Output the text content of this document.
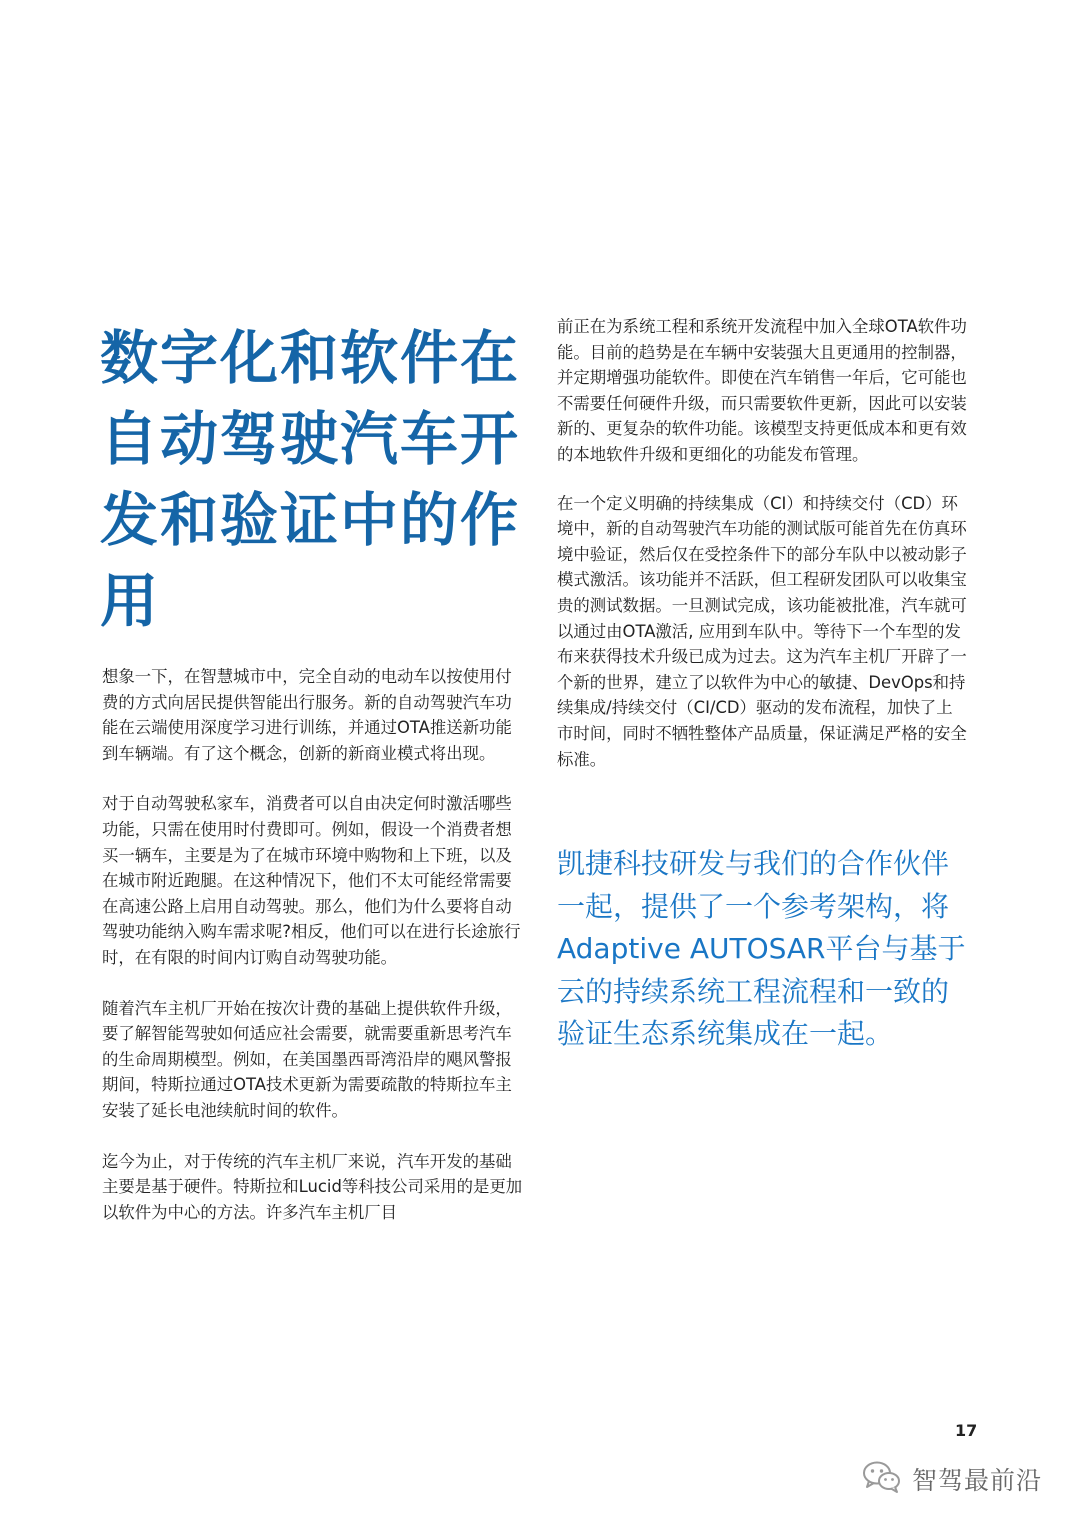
数字化和软件在自动驾驶汽车开发和验证中的作用

想象一下，在智慧城市中，完全自动的电动车以按使用付费的方式向居民提供智能出行服务。新的自动驾驶汽车功能在云端使用深度学习进行训练，并通过OTA推送新功能到车辆端。有了这个概念，创新的新商业模式将出现。

对于自动驾驶私家车，消费者可以自由决定何时激活哪些功能，只需在使用时付费即可。例如，假设一个消费者想买一辆车，主要是为了在城市环境中购物和上下班，以及在城市附近跑腿。在这种情况下，他们不太可能经常需要在高速公路上启用自动驾驶。那么，他们为什么要将自动驾驶功能纳入购车需求呢?相反，他们可以在进行长途旅行时，在有限的时间内订购自动驾驶功能。

随着汽车主机厂开始在按次计费的基础上提供软件升级，要了解智能驾驶如何适应社会需要，就需要重新思考汽车的生命周期模型。例如，在美国墨西哥湾沿岸的飓风警报期间，特斯拉通过OTA技术更新为需要疏散的特斯拉车主安装了延长电池续航时间的软件。

迄今为止，对于传统的汽车主机厂来说，汽车开发的基础主要是基于硬件。特斯拉和Lucid等科技公司采用的是更加以软件为中心的方法。许多汽车主机厂目

前正在为系统工程和系统开发流程中加入全球OTA软件功能。目前的趋势是在车辆中安装强大且更通用的控制器，并定期增强功能软件。即使在汽车销售一年后，它可能也不需要任何硬件升级，而只需要软件更新，因此可以安装新的、更复杂的软件功能。该模型支持更低成本和更有效的本地软件升级和更细化的功能发布管理。

在一个定义明确的持续集成（CI）和持续交付（CD）环境中，新的自动驾驶汽车功能的测试版可能首先在仿真环境中验证，然后仅在受控条件下的部分车队中以被动影子模式激活。该功能并不活跃，但工程研发团队可以收集宝贵的测试数据。一旦测试完成，该功能被批准，汽车就可以通过由OTA激活, 应用到车队中。等待下一个车型的发布来获得技术升级已成为过去。这为汽车主机厂开辟了一个新的世界，建立了以软件为中心的敏捷、DevOps和持续集成/持续交付（CI/CD）驱动的发布流程，加快了上市时间，同时不牺牲整体产品质量，保证满足严格的安全标准。

凯捷科技研发与我们的合作伙伴一起，提供了一个参考架构，将Adaptive AUTOSAR平台与基于云的持续系统工程流程和一致的验证生态系统集成在一起。
17
智驾最前沿
